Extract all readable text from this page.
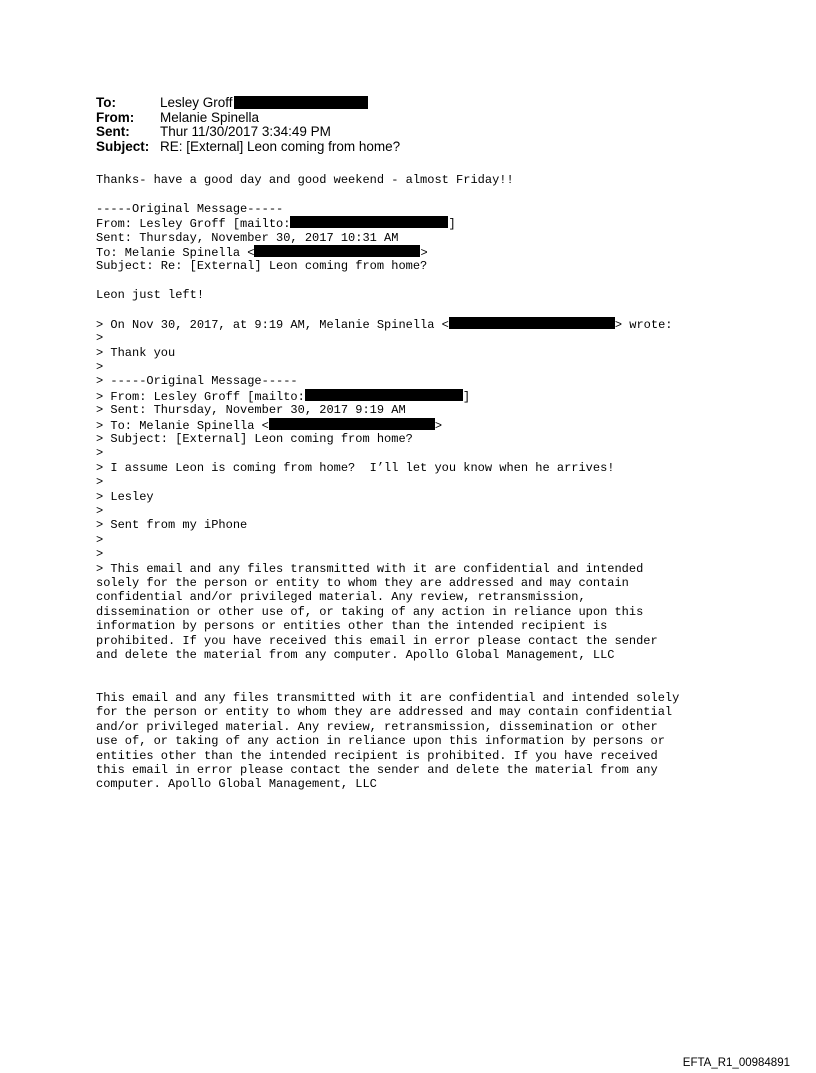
To:	Lesley Groff
From:	Melanie Spinella
Sent:	Thur 11/30/2017 3:34:49 PM
Subject: RE: [External] Leon coming from home?
Thanks- have a good day and good weekend - almost Friday!!
-----Original Message-----
From: Lesley Groff [mailto:	]
Sent: Thursday, November 30, 2017 10:31 AM
To: Melanie Spinella <	>
Subject: Re: [External] Leon coming from home?
Leon just left!
> On Nov 30, 2017, at 9:19 AM, Melanie Spinella <	> wrote:
>
> Thank you
>
> -----Original Message-----
> From: Lesley Groff [mailto:	]
> Sent: Thursday, November 30, 2017 9:19 AM
> To: Melanie Spinella <	>
> Subject: [External] Leon coming from home?
>
> I assume Leon is coming from home?  I’ll let you know when he arrives!
>
> Lesley
>
> Sent from my iPhone
>
>
> This email and any files transmitted with it are confidential and intended
solely for the person or entity to whom they are addressed and may contain
confidential and/or privileged material. Any review, retransmission,
dissemination or other use of, or taking of any action in reliance upon this
information by persons or entities other than the intended recipient is
prohibited. If you have received this email in error please contact the sender
and delete the material from any computer. Apollo Global Management, LLC
This email and any files transmitted with it are confidential and intended solely
for the person or entity to whom they are addressed and may contain confidential
and/or privileged material. Any review, retransmission, dissemination or other
use of, or taking of any action in reliance upon this information by persons or
entities other than the intended recipient is prohibited. If you have received
this email in error please contact the sender and delete the material from any
computer. Apollo Global Management, LLC
EFTA_R1_00984891
